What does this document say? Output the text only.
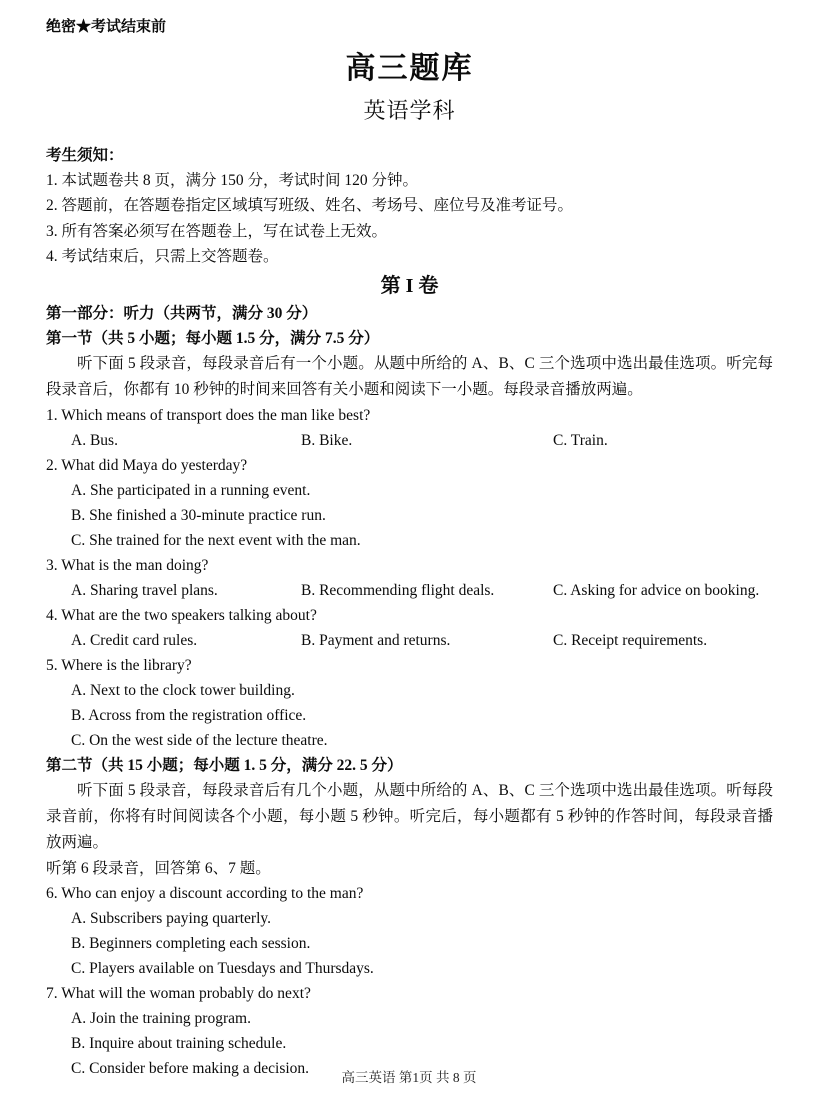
绝密★考试结束前
高三题库
英语学科
考生须知：
1. 本试题卷共 8 页，满分 150 分，考试时间 120 分钟。
2. 答题前，在答题卷指定区域填写班级、姓名、考场号、座位号及准考证号。
3. 所有答案必须写在答题卷上，写在试卷上无效。
4. 考试结束后，只需上交答题卷。
第 I 卷
第一部分：听力（共两节，满分 30 分）
第一节（共 5 小题；每小题 1.5 分，满分 7.5 分）

听下面 5 段录音，每段录音后有一个小题。从题中所给的 A、B、C 三个选项中选出最佳选项。听完每段录音后，你都有 10 秒钟的时间来回答有关小题和阅读下一小题。每段录音播放两遍。

1. Which means of transport does the man like best?
A. Bus.	B. Bike.	C. Train.
2. What did Maya do yesterday?
A. She participated in a running event.
B. She finished a 30-minute practice run.
C. She trained for the next event with the man.
3. What is the man doing?
A. Sharing travel plans.	B. Recommending flight deals.	C. Asking for advice on booking.
4. What are the two speakers talking about?
A. Credit card rules.	B. Payment and returns.	C. Receipt requirements.
5. Where is the library?
A. Next to the clock tower building.
B. Across from the registration office.
C. On the west side of the lecture theatre.
第二节（共 15 小题；每小题 1. 5 分，满分 22. 5 分）

听下面 5 段录音，每段录音后有几个小题，从题中所给的 A、B、C 三个选项中选出最佳选项。听每段录音前，你将有时间阅读各个小题，每小题 5 秒钟。听完后，每小题都有 5 秒钟的作答时间，每段录音播放两遍。

听第 6 段录音，回答第 6、7 题。
6. Who can enjoy a discount according to the man?
A. Subscribers paying quarterly.
B. Beginners completing each session.
C. Players available on Tuesdays and Thursdays.
7. What will the woman probably do next?
A. Join the training program.
B. Inquire about training schedule.
C. Consider before making a decision.
高三英语 第1页 共 8 页
